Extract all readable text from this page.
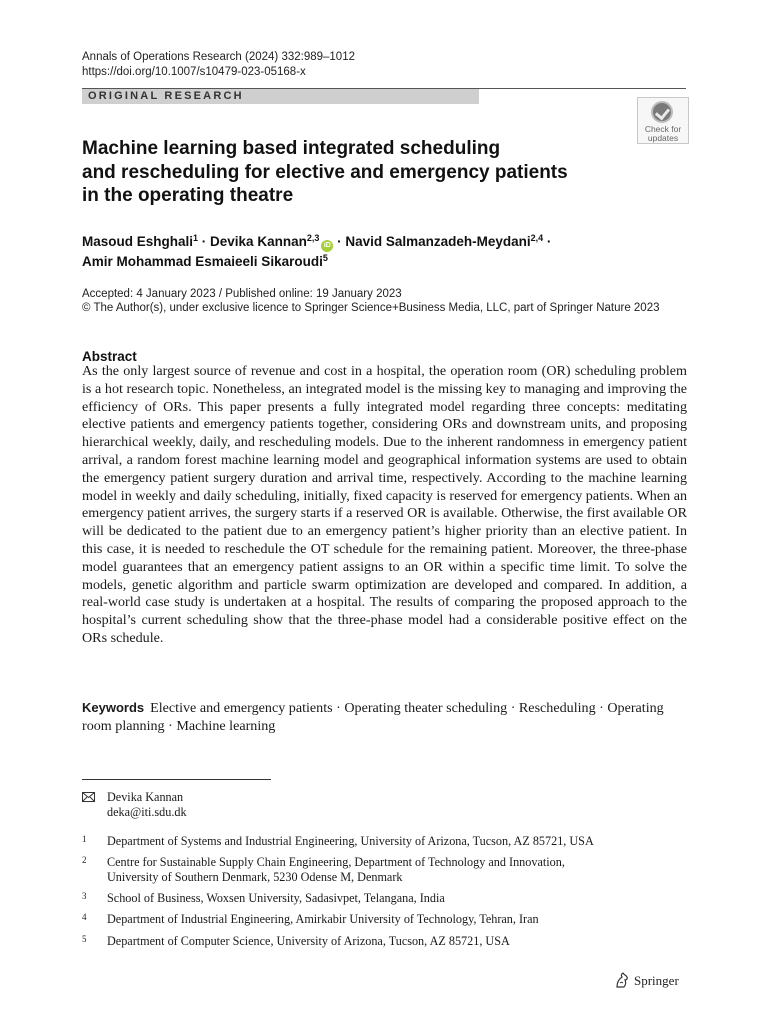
Annals of Operations Research (2024) 332:989–1012
https://doi.org/10.1007/s10479-023-05168-x
ORIGINAL RESEARCH
Check for
updates
Machine learning based integrated scheduling
and rescheduling for elective and emergency patients
in the operating theatre
Masoud Eshghali$^1$ · Devika Kannan$^{2,3}$iD · Navid Salmanzadeh-Meydani$^{2,4}$ ·
Amir Mohammad Esmaieeli Sikaroudi$^5$
Accepted: 4 January 2023 / Published online: 19 January 2023
© The Author(s), under exclusive licence to Springer Science+Business Media, LLC, part of Springer Nature 2023
Abstract
As the only largest source of revenue and cost in a hospital, the operation room (OR) scheduling problem is a hot research topic. Nonetheless, an integrated model is the missing key to managing and improving the efficiency of ORs. This paper presents a fully integrated model regarding three concepts: meditating elective patients and emergency patients together, considering ORs and downstream units, and proposing hierarchical weekly, daily, and rescheduling models. Due to the inherent randomness in emergency patient arrival, a random forest machine learning model and geographical information systems are used to obtain the emergency patient surgery duration and arrival time, respectively. According to the machine learning model in weekly and daily scheduling, initially, fixed capacity is reserved for emergency patients. When an emergency patient arrives, the surgery starts if a reserved OR is available. Otherwise, the first available OR will be dedicated to the patient due to an emergency patient’s higher priority than an elective patient. In this case, it is needed to reschedule the OT schedule for the remaining patient. Moreover, the three-phase model guarantees that an emergency patient assigns to an OR within a specific time limit. To solve the models, genetic algorithm and particle swarm optimization are developed and compared. In addition, a real-world case study is undertaken at a hospital. The results of comparing the proposed approach to the hospital’s current scheduling show that the three-phase model had a considerable positive effect on the ORs schedule.
Keywords Elective and emergency patients · Operating theater scheduling · Rescheduling · Operating room planning · Machine learning
Devika Kannan
deka@iti.sdu.dk
1 Department of Systems and Industrial Engineering, University of Arizona, Tucson, AZ 85721, USA
2 Centre for Sustainable Supply Chain Engineering, Department of Technology and Innovation,
University of Southern Denmark, 5230 Odense M, Denmark
3 School of Business, Woxsen University, Sadasivpet, Telangana, India
4 Department of Industrial Engineering, Amirkabir University of Technology, Tehran, Iran
5 Department of Computer Science, University of Arizona, Tucson, AZ 85721, USA
Springer
